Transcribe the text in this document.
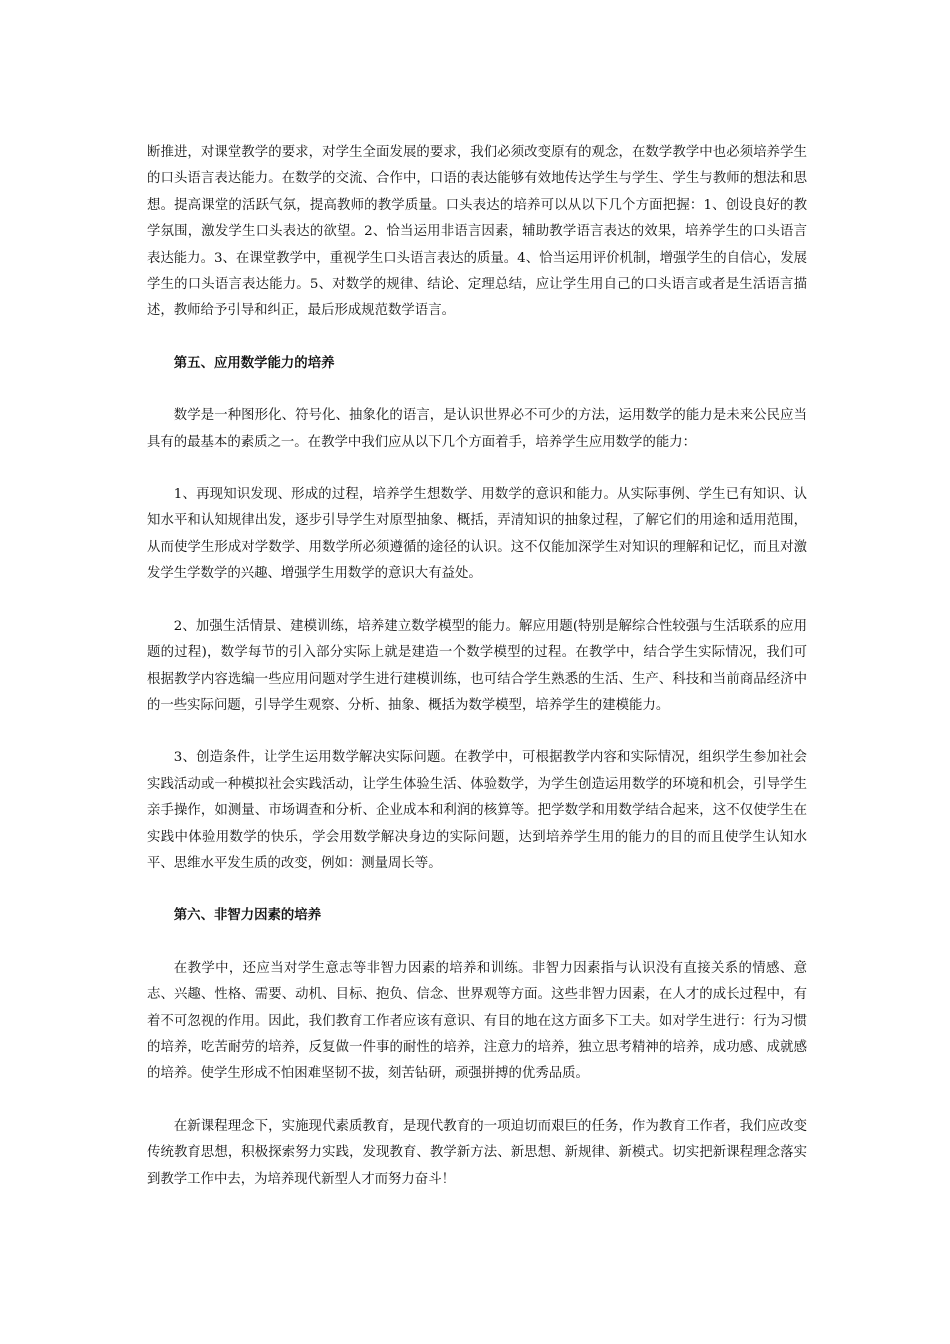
断推进，对课堂教学的要求，对学生全面发展的要求，我们必须改变原有的观念，在数学教学中也必须培养学生的口头语言表达能力。在数学的交流、合作中，口语的表达能够有效地传达学生与学生、学生与教师的想法和思想。提高课堂的活跃气氛，提高教师的教学质量。口头表达的培养可以从以下几个方面把握：1、创设良好的教学氛围，激发学生口头表达的欲望。2、恰当运用非语言因素，辅助教学语言表达的效果，培养学生的口头语言表达能力。3、在课堂教学中，重视学生口头语言表达的质量。4、恰当运用评价机制，增强学生的自信心，发展学生的口头语言表达能力。5、对数学的规律、结论、定理总结，应让学生用自己的口头语言或者是生活语言描述，教师给予引导和纠正，最后形成规范数学语言。

第五、应用数学能力的培养

数学是一种图形化、符号化、抽象化的语言，是认识世界必不可少的方法，运用数学的能力是未来公民应当具有的最基本的素质之一。在教学中我们应从以下几个方面着手，培养学生应用数学的能力：

1、再现知识发现、形成的过程，培养学生想数学、用数学的意识和能力。从实际事例、学生已有知识、认知水平和认知规律出发，逐步引导学生对原型抽象、概括，弄清知识的抽象过程，了解它们的用途和适用范围，从而使学生形成对学数学、用数学所必须遵循的途径的认识。这不仅能加深学生对知识的理解和记忆，而且对激发学生学数学的兴趣、增强学生用数学的意识大有益处。

2、加强生活情景、建模训练，培养建立数学模型的能力。解应用题(特别是解综合性较强与生活联系的应用题的过程)，数学每节的引入部分实际上就是建造一个数学模型的过程。在教学中，结合学生实际情况，我们可根据教学内容选编一些应用问题对学生进行建模训练，也可结合学生熟悉的生活、生产、科技和当前商品经济中的一些实际问题，引导学生观察、分析、抽象、概括为数学模型，培养学生的建模能力。

3、创造条件，让学生运用数学解决实际问题。在教学中，可根据教学内容和实际情况，组织学生参加社会实践活动或一种模拟社会实践活动，让学生体验生活、体验数学，为学生创造运用数学的环境和机会，引导学生亲手操作，如测量、市场调查和分析、企业成本和利润的核算等。把学数学和用数学结合起来，这不仅使学生在实践中体验用数学的快乐，学会用数学解决身边的实际问题，达到培养学生用的能力的目的而且使学生认知水平、思维水平发生质的改变，例如：测量周长等。

第六、非智力因素的培养

在教学中，还应当对学生意志等非智力因素的培养和训练。非智力因素指与认识没有直接关系的情感、意志、兴趣、性格、需要、动机、目标、抱负、信念、世界观等方面。这些非智力因素，在人才的成长过程中，有着不可忽视的作用。因此，我们教育工作者应该有意识、有目的地在这方面多下工夫。如对学生进行：行为习惯的培养，吃苦耐劳的培养，反复做一件事的耐性的培养，注意力的培养，独立思考精神的培养，成功感、成就感的培养。使学生形成不怕困难坚韧不拔，刻苦钻研，顽强拼搏的优秀品质。

在新课程理念下，实施现代素质教育，是现代教育的一项迫切而艰巨的任务，作为教育工作者，我们应改变传统教育思想，积极探索努力实践，发现教育、教学新方法、新思想、新规律、新模式。切实把新课程理念落实到教学工作中去，为培养现代新型人才而努力奋斗！
